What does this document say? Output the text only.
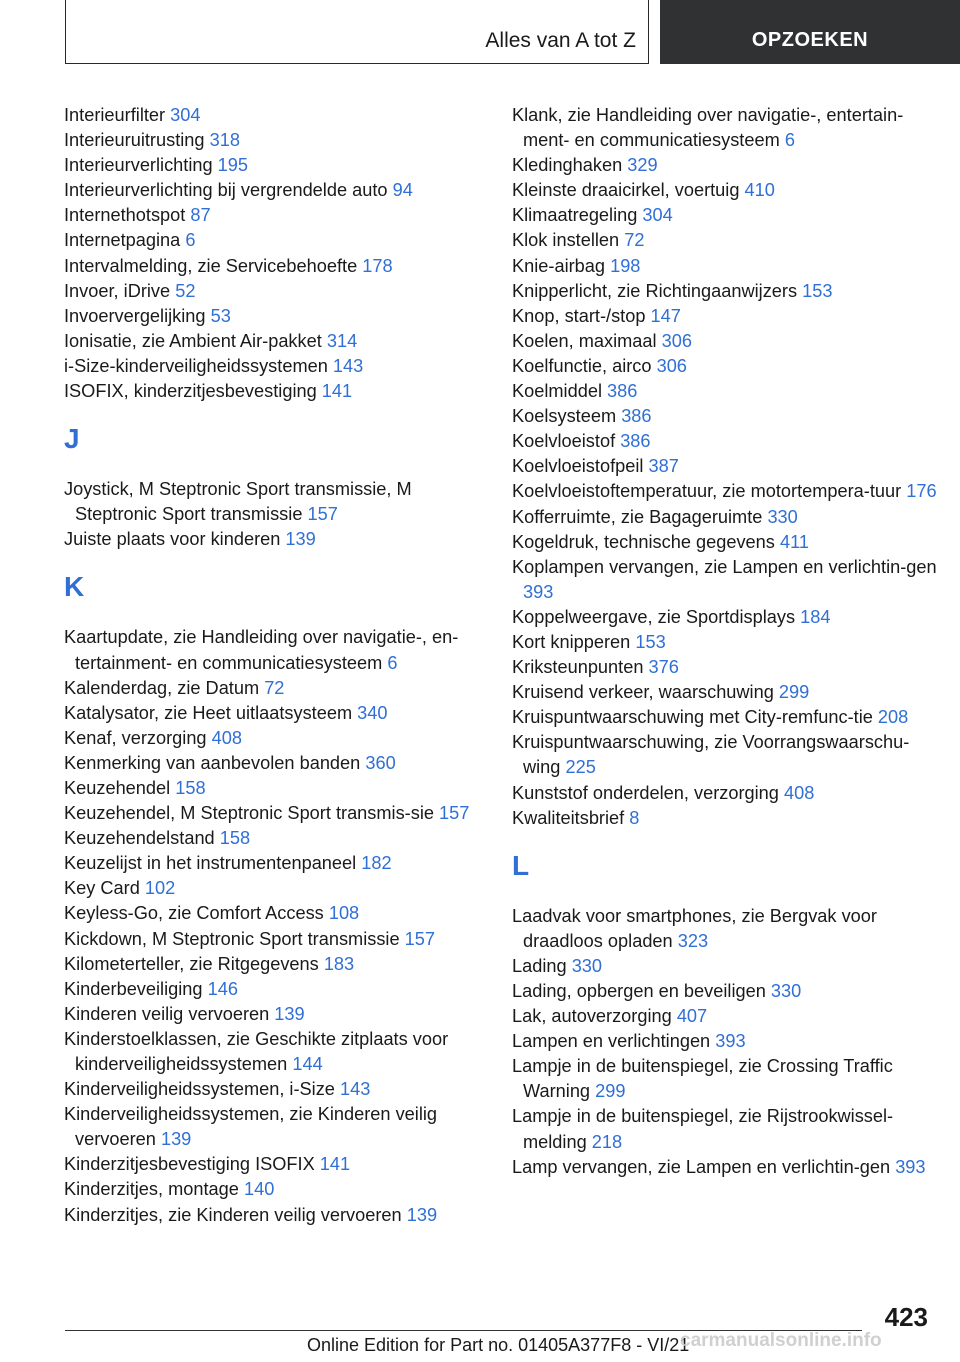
Alles van A tot Z	OPZOEKEN
Interieurfilter 304
Interieuruitrusting 318
Interieurverlichting 195
Interieurverlichting bij vergrendelde auto 94
Internethotspot 87
Internetpagina 6
Intervalmelding, zie Servicebehoefte 178
Invoer, iDrive 52
Invoervergelijking 53
Ionisatie, zie Ambient Air-pakket 314
i-Size-kinderveiligheidssystemen 143
ISOFIX, kinderzitjesbevestiging 141
J
Joystick, M Steptronic Sport transmissie, M Steptronic Sport transmissie 157
Juiste plaats voor kinderen 139
K
Kaartupdate, zie Handleiding over navigatie-, en-tertainment- en communicatiesysteem 6
Kalenderdag, zie Datum 72
Katalysator, zie Heet uitlaatsysteem 340
Kenaf, verzorging 408
Kenmerking van aanbevolen banden 360
Keuzehendel 158
Keuzehendel, M Steptronic Sport transmis-sie 157
Keuzehendelstand 158
Keuzelijst in het instrumentenpaneel 182
Key Card 102
Keyless-Go, zie Comfort Access 108
Kickdown, M Steptronic Sport transmissie 157
Kilometerteller, zie Ritgegevens 183
Kinderbeveiliging 146
Kinderen veilig vervoeren 139
Kinderstoelklassen, zie Geschikte zitplaats voor kinderveiligheidssystemen 144
Kinderveiligheidssystemen, i-Size 143
Kinderveiligheidssystemen, zie Kinderen veilig vervoeren 139
Kinderzitjesbevestiging ISOFIX 141
Kinderzitjes, montage 140
Kinderzitjes, zie Kinderen veilig vervoeren 139
Klank, zie Handleiding over navigatie-, entertain-ment- en communicatiesysteem 6
Kledinghaken 329
Kleinste draaicirkel, voertuig 410
Klimaatregeling 304
Klok instellen 72
Knie-airbag 198
Knipperlicht, zie Richtingaanwijzers 153
Knop, start-/stop 147
Koelen, maximaal 306
Koelfunctie, airco 306
Koelmiddel 386
Koelsysteem 386
Koelvloeistof 386
Koelvloeistofpeil 387
Koelvloeistoftemperatuur, zie motortempera-tuur 176
Kofferruimte, zie Bagageruimte 330
Kogeldruk, technische gegevens 411
Koplampen vervangen, zie Lampen en verlichtin-gen 393
Koppelweergave, zie Sportdisplays 184
Kort knipperen 153
Kriksteunpunten 376
Kruisend verkeer, waarschuwing 299
Kruispuntwaarschuwing met City-remfunc-tie 208
Kruispuntwaarschuwing, zie Voorrangswaarschu-wing 225
Kunststof onderdelen, verzorging 408
Kwaliteitsbrief 8
L
Laadvak voor smartphones, zie Bergvak voor draadloos opladen 323
Lading 330
Lading, opbergen en beveiligen 330
Lak, autoverzorging 407
Lampen en verlichtingen 393
Lampje in de buitenspiegel, zie Crossing Traffic Warning 299
Lampje in de buitenspiegel, zie Rijstrookwissel-melding 218
Lamp vervangen, zie Lampen en verlichtin-gen 393
423
Online Edition for Part no. 01405A377F8 - VI/21
carmanualsonline.info
